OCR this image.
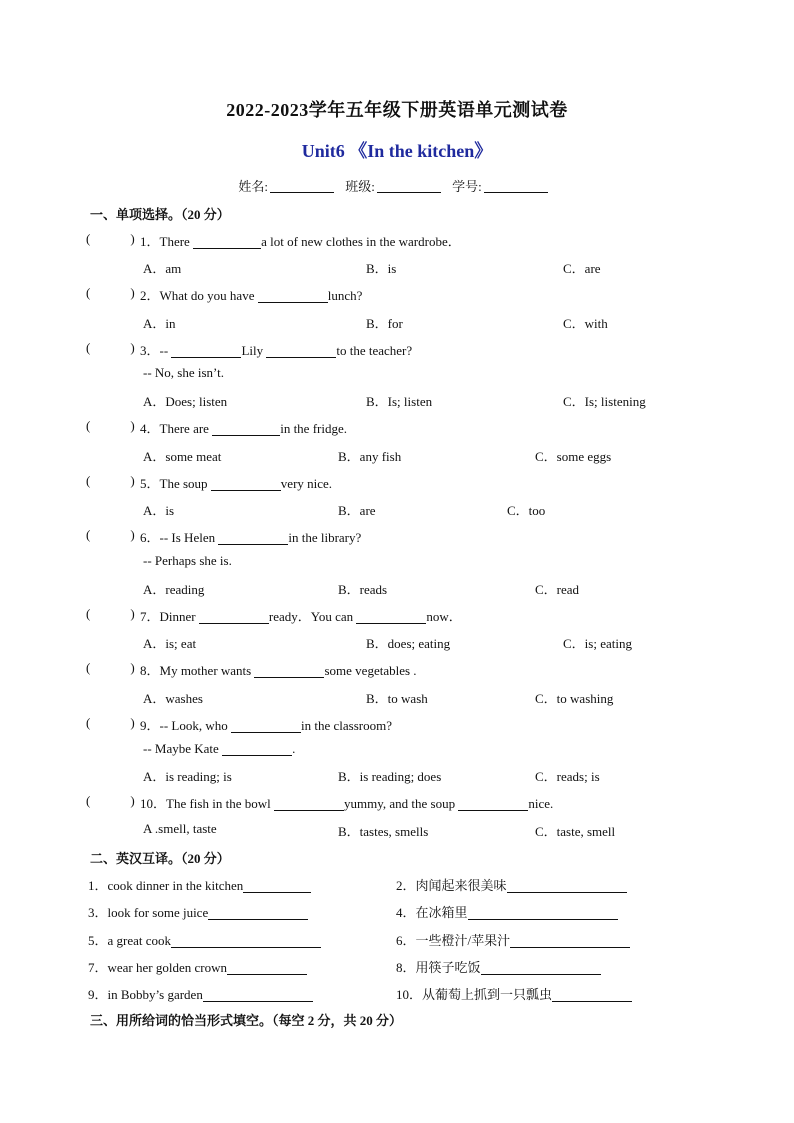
2022-2023学年五年级下册英语单元测试卷
Unit6 《In the kitchen》
姓名:	班级:	学号:
一、单项选择。（20 分）
(	) 1．There	a lot of new clothes in the wardrobe．
A．am	B．is	C．are
(	) 2．What do you have	lunch?
A．in	B．for	C．with
(	) 3．--	Lily	to the teacher?
-- No, she isn’t.
A．Does; listen	B．Is; listen	C．Is; listening
(	) 4．There are	in the fridge.
A．some meat	B．any fish	C．some eggs
(	) 5．The soup	very nice.
A．is	B．are	C．too
(	) 6．-- Is Helen	in the library?
-- Perhaps she is.
A．reading	B．reads	C．read
(	) 7．Dinner	ready．You can	now．
A．is; eat	B．does; eating	C．is; eating
(	) 8．My mother wants	some vegetables .
A．washes	B．to wash	C．to washing
(	) 9．-- Look, who	in the classroom?
-- Maybe Kate	.
A．is reading; is	B．is reading; does	C．reads; is
(	) 10．The fish in the bowl	yummy, and the soup	nice.
A .smell, taste	B．tastes, smells	C．taste, smell
二、英汉互译。（20 分）
1．cook dinner in the kitchen	2．肉闻起来很美味
3．look for some juice	4．在冰箱里
5．a great cook	6．一些橙汁/苹果汁
7．wear her golden crown	8．用筷子吃饭
9．in Bobby’s garden	10．从葡萄上抓到一只瓢虫
三、用所给词的恰当形式填空。（每空 2 分，共 20 分）
